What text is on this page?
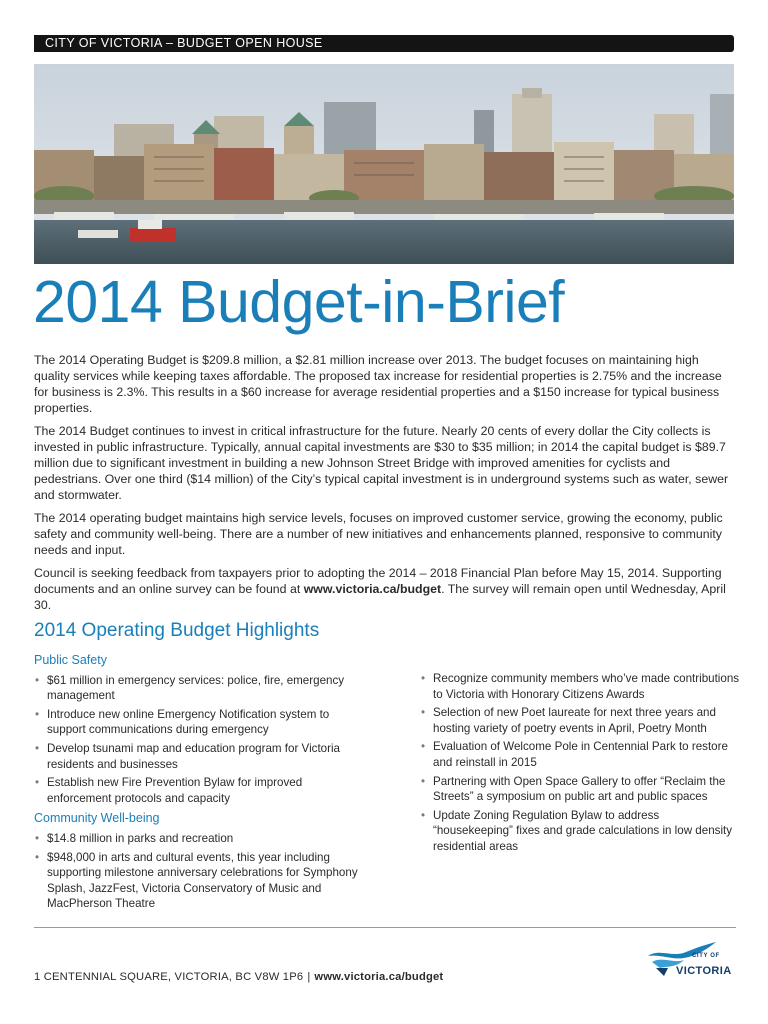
CITY OF VICTORIA – BUDGET OPEN HOUSE
2014 Budget-in-Brief

The 2014 Operating Budget is $209.8 million, a $2.81 million increase over 2013. The budget focuses on maintaining high quality services while keeping taxes affordable. The proposed tax increase for residential properties is 2.75% and the increase for business is 2.3%. This results in a $60 increase for average residential properties and a $150 increase for typical business properties.

The 2014 Budget continues to invest in critical infrastructure for the future. Nearly 20 cents of every dollar the City collects is invested in public infrastructure. Typically, annual capital investments are $30 to $35 million; in 2014 the capital budget is $89.7 million due to significant investment in building a new Johnson Street Bridge with improved amenities for cyclists and pedestrians. Over one third ($14 million) of the City’s typical capital investment is in underground systems such as water, sewer and stormwater.

The 2014 operating budget maintains high service levels, focuses on improved customer service, growing the economy, public safety and community well-being. There are a number of new initiatives and enhancements planned, responsive to community needs and input.

Council is seeking feedback from taxpayers prior to adopting the 2014 – 2018 Financial Plan before May 15, 2014. Supporting documents and an online survey can be found at www.victoria.ca/budget. The survey will remain open until Wednesday, April 30.

2014 Operating Budget Highlights
Public Safety
• $61 million in emergency services: police, fire, emergency management
• Introduce new online Emergency Notification system to support communications during emergency
• Develop tsunami map and education program for Victoria residents and businesses
• Establish new Fire Prevention Bylaw for improved enforcement protocols and capacity
Community Well-being
• $14.8 million in parks and recreation
• $948,000 in arts and cultural events, this year including supporting milestone anniversary celebrations for Symphony Splash, JazzFest, Victoria Conservatory of Music and MacPherson Theatre
• Recognize community members who’ve made contributions to Victoria with Honorary Citizens Awards
• Selection of new Poet laureate for next three years and hosting variety of poetry events in April, Poetry Month
• Evaluation of Welcome Pole in Centennial Park to restore and reinstall in 2015
• Partnering with Open Space Gallery to offer “Reclaim the Streets” a symposium on public art and public spaces
• Update Zoning Regulation Bylaw to address “housekeeping” fixes and grade calculations in low density residential areas
1 CENTENNIAL SQUARE, VICTORIA, BC V8W 1P6 | www.victoria.ca/budget
CITY OF
VICTORIA
